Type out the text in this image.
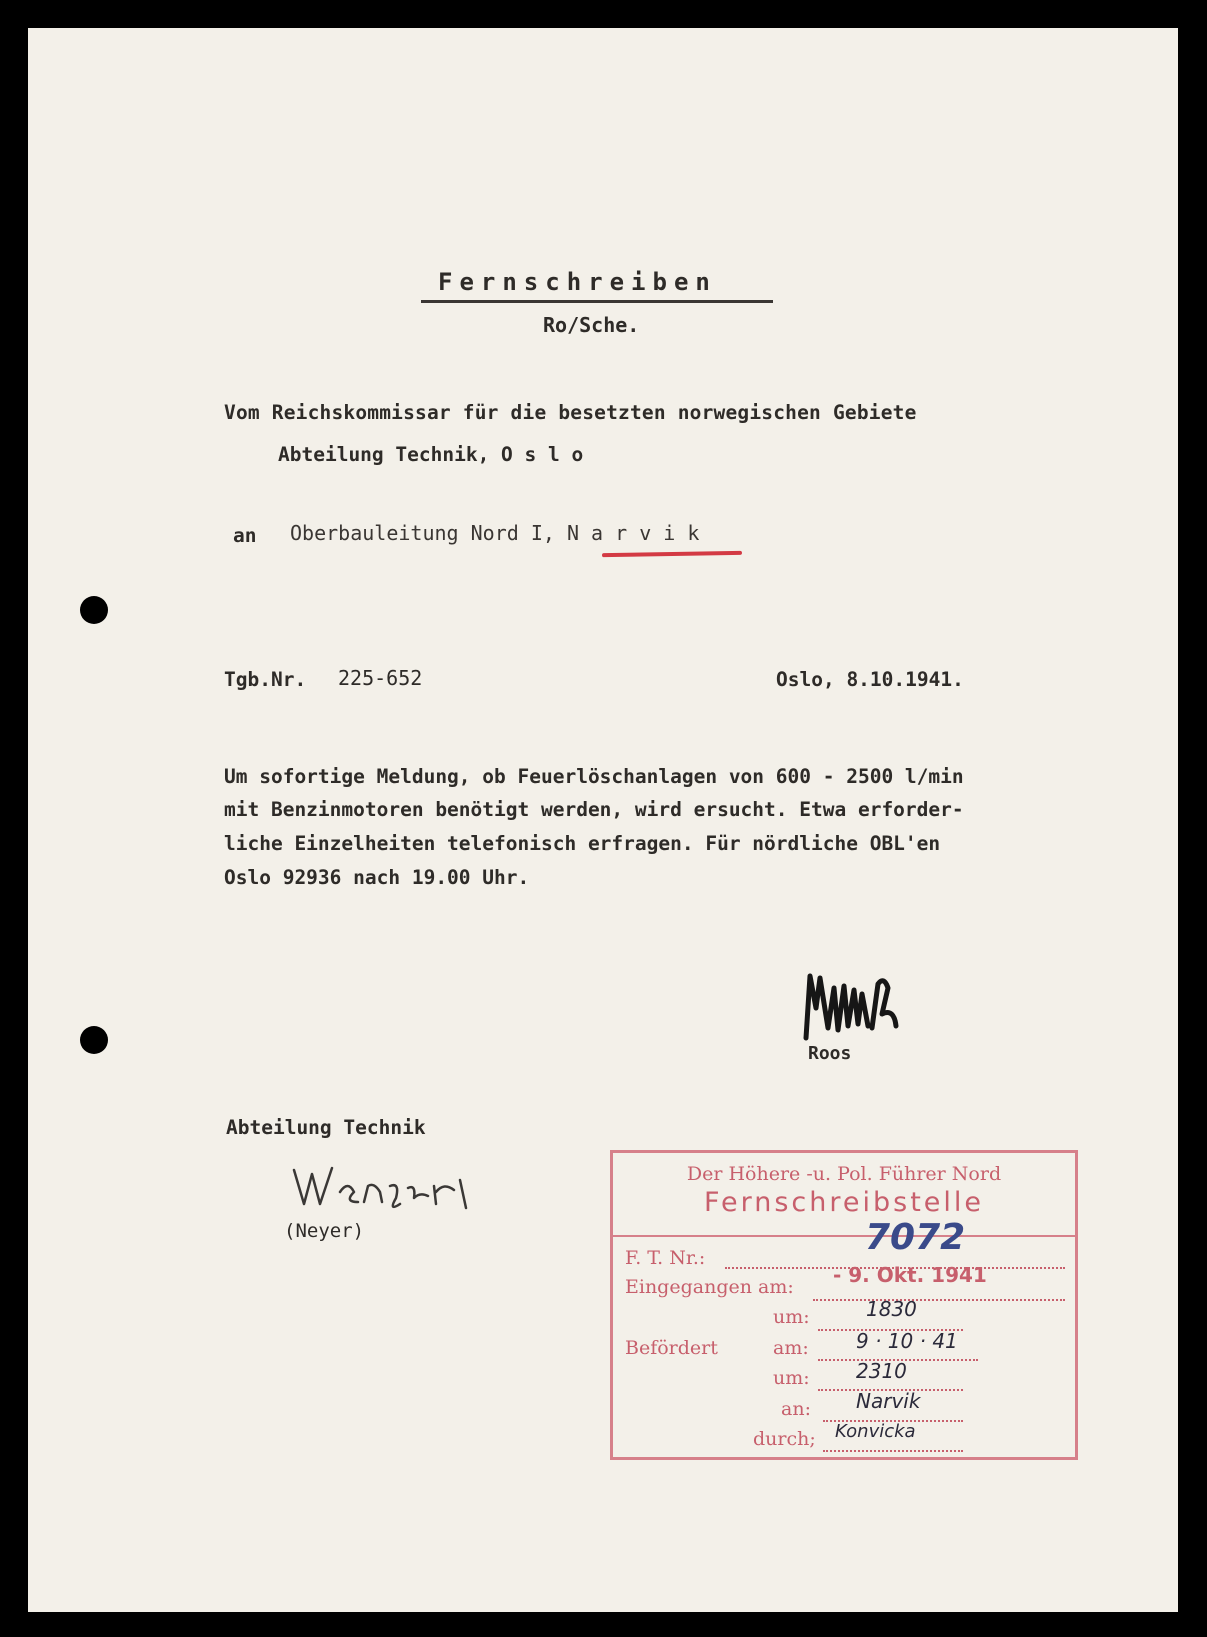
Fernschreiben
Ro/Sche.
Vom Reichskommissar für die besetzten norwegischen Gebiete
Abteilung Technik, O s l o
an Oberbauleitung Nord I, N a r v i k
Tgb.Nr. 225-652	Oslo, 8.10.1941.
Um sofortige Meldung, ob Feuerlöschanlagen von 600 - 2500 l/min
mit Benzinmotoren benötigt werden, wird ersucht. Etwa erforder-
liche Einzelheiten telefonisch erfragen. Für nördliche OBL'en
Oslo 92936 nach 19.00 Uhr.
Roos
Abteilung Technik
(Neyer)
Der Höhere -u. Pol. Führer Nord
Fernschreibstelle
F. T. Nr.:	7072
Eingegangen am: - 9. Okt. 1941
um:	1830
Befördert	am: 9 · 10 · 41
um: 2310
an: Narvik
durch; Konvicka
